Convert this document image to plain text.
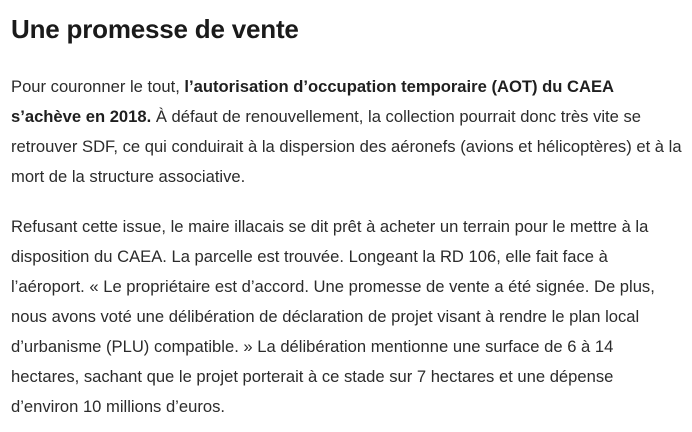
Une promesse de vente

Pour couronner le tout, l’autorisation d’occupation temporaire (AOT) du CAEA s’achève en 2018. À défaut de renouvellement, la collection pourrait donc très vite se retrouver SDF, ce qui conduirait à la dispersion des aéronefs (avions et hélicoptères) et à la mort de la structure associative.

Refusant cette issue, le maire illacais se dit prêt à acheter un terrain pour le mettre à la disposition du CAEA. La parcelle est trouvée. Longeant la RD 106, elle fait face à l’aéroport. « Le propriétaire est d’accord. Une promesse de vente a été signée. De plus, nous avons voté une délibération de déclaration de projet visant à rendre le plan local d’urbanisme (PLU) compatible. » La délibération mentionne une surface de 6 à 14 hectares, sachant que le projet porterait à ce stade sur 7 hectares et une dépense d’environ 10 millions d’euros.
